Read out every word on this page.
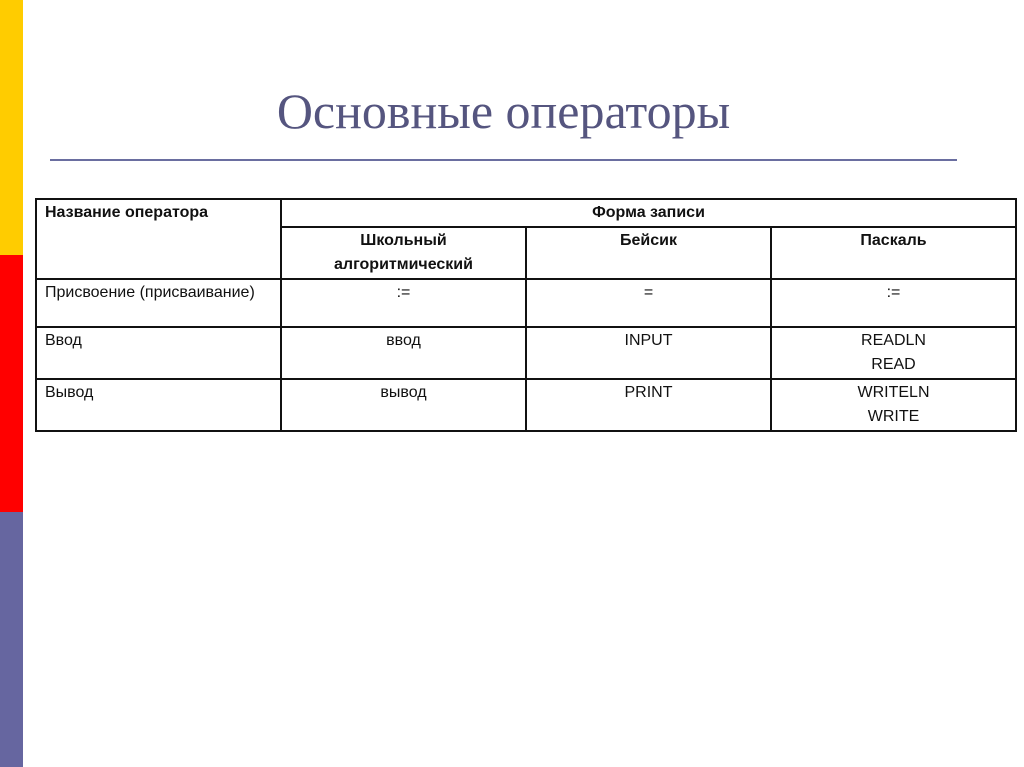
Основные операторы
Название оператора	Форма записи		
	Школьный алгоритмический	Бейсик	Паскаль
Присвоение (присваивание)	:=	=	:=
Ввод	ввод	INPUT	READLN
READ
Вывод	вывод	PRINT	WRITELN
WRITE
